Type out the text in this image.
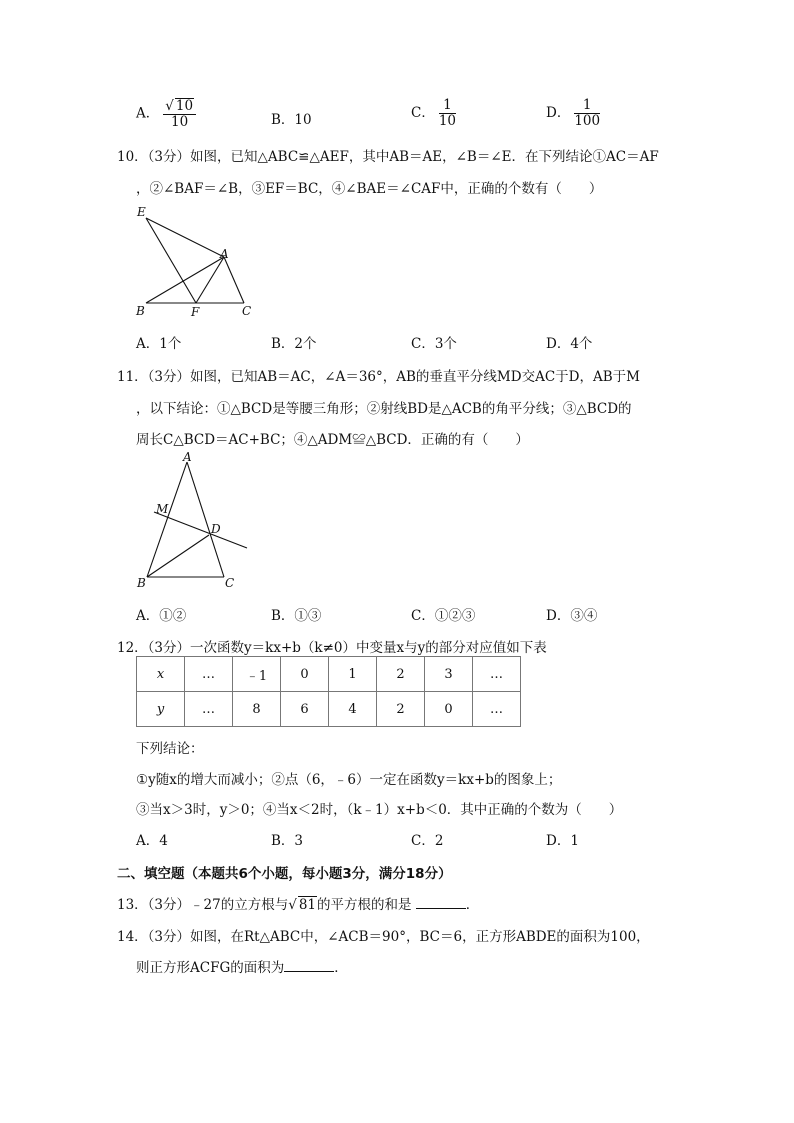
A． $\frac{√ 10}{10}$	B．10	C． $\frac{1}{10}$	D． $\frac{1}{100}$
10．（3分）如图，已知△ABC≌△AEF，其中AB＝AE，∠B＝∠E．在下列结论①AC＝AF
，②∠BAF＝∠B，③EF＝BC，④∠BAE＝∠CAF中，正确的个数有（　　）
E
A
B	F	C
A．1个	B．2个	C．3个	D．4个
11．（3分）如图，已知AB＝AC，∠A＝36°，AB的垂直平分线MD交AC于D，AB于M
，以下结论：①△BCD是等腰三角形；②射线BD是△ACB的角平分线；③△BCD的
周长C△BCD＝AC+BC；④△ADM≌△BCD．正确的有（　　）
A
M
D
B	C
A．①②	B．①③	C．①②③	D．③④
12．（3分）一次函数y＝kx+b（k≠0）中变量x与y的部分对应值如下表
x	…	﹣1	0	1	2	3	…
y	…	8	6	4	2	0	…
下列结论：
①y随x的增大而减小；②点（6，﹣6）一定在函数y＝kx+b的图象上；
③当x＞3时，y＞0；④当x＜2时，（k﹣1）x+b＜0．其中正确的个数为（　　）
A．4	B．3	C．2	D．1
二、填空题（本题共6个小题，每小题3分，满分18分）
13．（3分）﹣27的立方根与√ 81的平方根的和是	．
14．（3分）如图，在Rt△ABC中，∠ACB＝90°，BC＝6，正方形ABDE的面积为100，
则正方形ACFG的面积为	．
